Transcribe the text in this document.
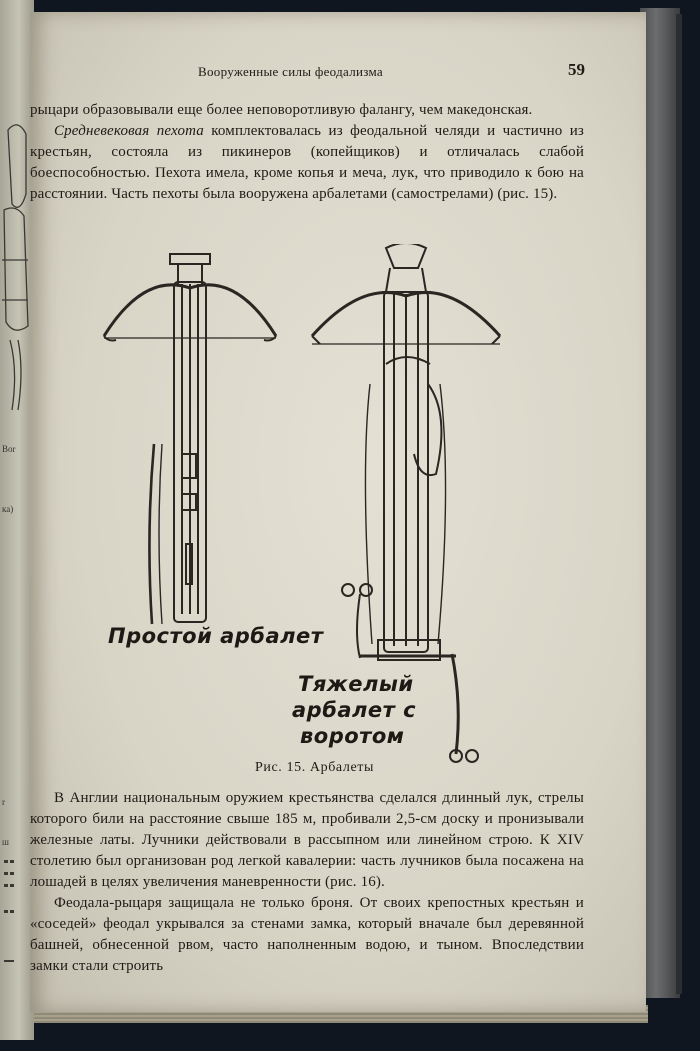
Bor
ка)
r
ш
Вооруженные силы феодализма	59

рыцари образовывали еще более неповоротливую фалангу, чем македонская.

Средневековая пехота комплектовалась из феодальной челяди и частично из крестьян, состояла из пикинеров (копейщиков) и отличалась слабой боеспособностью. Пехота имела, кроме копья и меча, лук, что приводило к бою на расстоянии. Часть пехоты была вооружена арбалетами (самострелами) (рис. 15).

Простой арбалет
Тяжелый
арбалет с
воротом
Рис. 15. Арбалеты

В Англии национальным оружием крестьянства сделался длинный лук, стрелы которого били на расстояние свыше 185 м, пробивали 2,5-см доску и пронизывали железные латы. Лучники действовали в рассыпном или линейном строю. К XIV столетию был организован род легкой кавалерии: часть лучников была посажена на лошадей в целях увеличения маневренности (рис. 16).

Феодала-рыцаря защищала не только броня. От своих крепостных крестьян и «соседей» феодал укрывался за стенами замка, который вначале был деревянной башней, обнесенной рвом, часто наполненным водою, и тыном. Впоследствии замки стали строить
